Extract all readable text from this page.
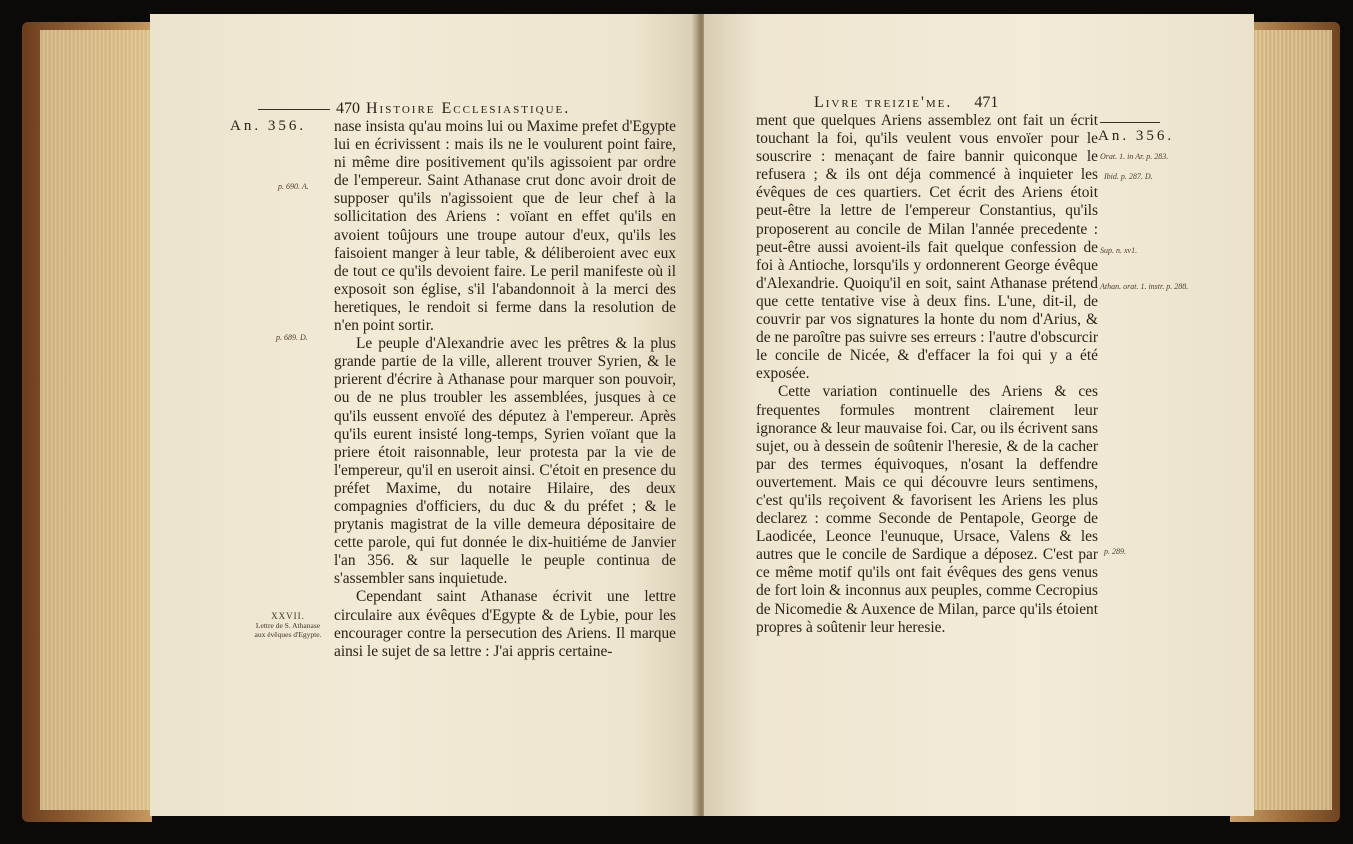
470 Histoire Ecclesiastique.
An. 356.
p. 690. A.
p. 689. D.
XXVII.
Lettre de S. Athanase aux évêques d'Egypte.

nase insista qu'au moins lui ou Maxime prefet d'Egypte lui en écrivissent : mais ils ne le voulurent point faire, ni même dire positivement qu'ils agissoient par ordre de l'empereur. Saint Athanase crut donc avoir droit de supposer qu'ils n'agissoient que de leur chef à la sollicitation des Ariens : voïant en effet qu'ils en avoient toûjours une troupe autour d'eux, qu'ils les faisoient manger à leur table, & déliberoient avec eux de tout ce qu'ils devoient faire. Le peril manifeste où il exposoit son église, s'il l'abandonnoit à la merci des heretiques, le rendoit si ferme dans la resolution de n'en point sortir.

Le peuple d'Alexandrie avec les prêtres & la plus grande partie de la ville, allerent trouver Syrien, & le prierent d'écrire à Athanase pour marquer son pouvoir, ou de ne plus troubler les assemblées, jusques à ce qu'ils eussent envoïé des députez à l'empereur. Après qu'ils eurent insisté long-temps, Syrien voïant que la priere étoit raisonnable, leur protesta par la vie de l'empereur, qu'il en useroit ainsi. C'étoit en presence du préfet Maxime, du notaire Hilaire, des deux compagnies d'officiers, du duc & du préfet ; & le prytanis magistrat de la ville demeura dépositaire de cette parole, qui fut donnée le dix-huitiéme de Janvier l'an 356. & sur laquelle le peuple continua de s'assembler sans inquietude.

Cependant saint Athanase écrivit une lettre circulaire aux évêques d'Egypte & de Lybie, pour les encourager contre la persecution des Ariens. Il marque ainsi le sujet de sa lettre : J'ai appris certaine-

Livre treizie'me. 471
An. 356.
Orat. 1. in Ar. p. 283.
Ibid. p. 287. D.
Sup. n. xv1.
Athan. orat. 1. instr. p. 288.
p. 289.

ment que quelques Ariens assemblez ont fait un écrit touchant la foi, qu'ils veulent vous envoïer pour le souscrire : menaçant de faire bannir quiconque le refusera ; & ils ont déja commencé à inquieter les évêques de ces quartiers. Cet écrit des Ariens étoit peut-être la lettre de l'empereur Constantius, qu'ils proposerent au concile de Milan l'année precedente : peut-être aussi avoient-ils fait quelque confession de foi à Antioche, lorsqu'ils y ordonnerent George évêque d'Alexandrie. Quoiqu'il en soit, saint Athanase prétend que cette tentative vise à deux fins. L'une, dit-il, de couvrir par vos signatures la honte du nom d'Arius, & de ne paroître pas suivre ses erreurs : l'autre d'obscurcir le concile de Nicée, & d'effacer la foi qui y a été exposée.

Cette variation continuelle des Ariens & ces frequentes formules montrent clairement leur ignorance & leur mauvaise foi. Car, ou ils écrivent sans sujet, ou à dessein de soûtenir l'heresie, & de la cacher par des termes équivoques, n'osant la deffendre ouvertement. Mais ce qui découvre leurs sentimens, c'est qu'ils reçoivent & favorisent les Ariens les plus declarez : comme Seconde de Pentapole, George de Laodicée, Leonce l'eunuque, Ursace, Valens & les autres que le concile de Sardique a déposez. C'est par ce même motif qu'ils ont fait évêques des gens venus de fort loin & inconnus aux peuples, comme Cecropius de Nicomedie & Auxence de Milan, parce qu'ils étoient propres à soûtenir leur heresie.
